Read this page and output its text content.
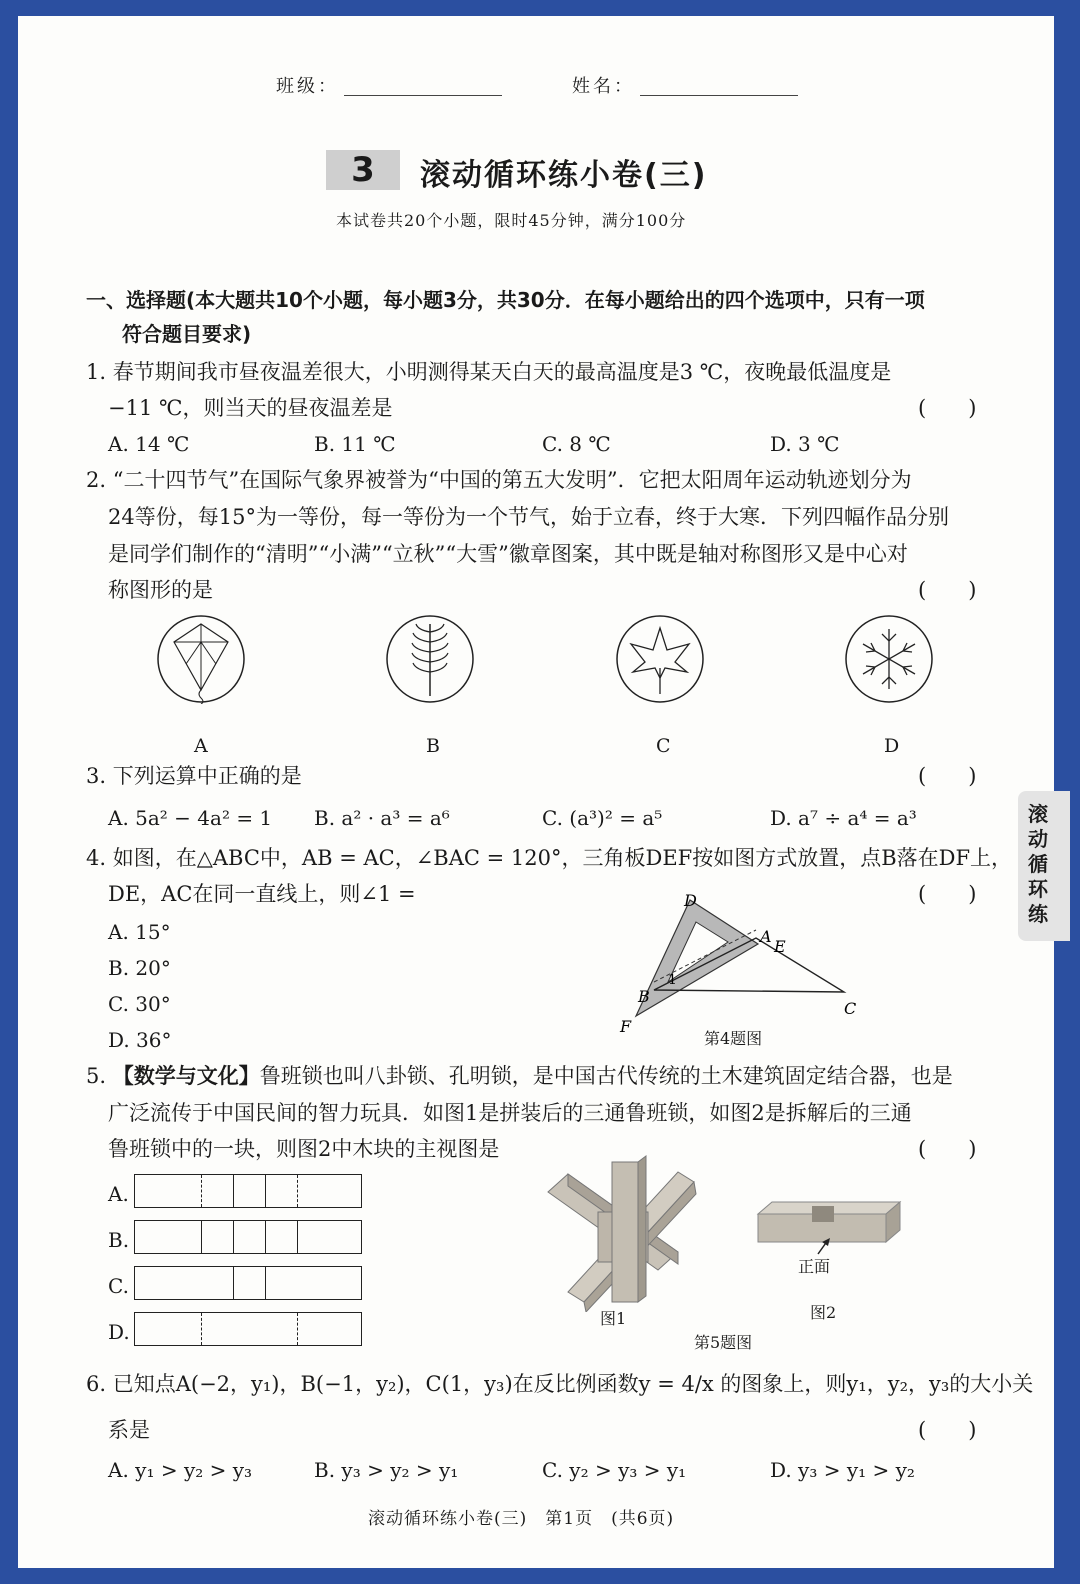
班级：	姓名：
3	滚动循环练小卷(三)
本试卷共20个小题，限时45分钟，满分100分
滚动循环练
一、选择题(本大题共10个小题，每小题3分，共30分．在每小题给出的四个选项中，只有一项
符合题目要求)
1. 春节期间我市昼夜温差很大，小明测得某天白天的最高温度是3 ℃，夜晚最低温度是
−11 ℃，则当天的昼夜温差是	(　　)
A. 14 ℃	B. 11 ℃	C. 8 ℃	D. 3 ℃
2. “二十四节气”在国际气象界被誉为“中国的第五大发明”．它把太阳周年运动轨迹划分为
24等份，每15°为一等份，每一等份为一个节气，始于立春，终于大寒．下列四幅作品分别
是同学们制作的“清明”“小满”“立秋”“大雪”徽章图案，其中既是轴对称图形又是中心对
称图形的是	(　　)
A	B	C	D
3. 下列运算中正确的是	(　　)
A. 5a² − 4a² = 1 B. a² · a³ = a⁶	C. (a³)² = a⁵	D. a⁷ ÷ a⁴ = a³
4. 如图，在△ABC中，AB = AC，∠BAC = 120°，三角板DEF按如图方式放置，点B落在DF上，
DE，AC在同一直线上，则∠1 =	(　　)
A. 15°
B. 20°
C. 30°
D. 36°
D
A
E
B
1
C
F
第4题图
5. 【数学与文化】鲁班锁也叫八卦锁、孔明锁，是中国古代传统的土木建筑固定结合器，也是
广泛流传于中国民间的智力玩具．如图1是拼装后的三通鲁班锁，如图2是拆解后的三通
鲁班锁中的一块，则图2中木块的主视图是	(　　)
A.
B.
C.
D.
图1
正面
图2
第5题图
6. 已知点A(−2，y₁)，B(−1，y₂)，C(1，y₃)在反比例函数y = 4/x 的图象上，则y₁，y₂，y₃的大小关
系是	(　　)
A. y₁ > y₂ > y₃	B. y₃ > y₂ > y₁	C. y₂ > y₃ > y₁	D. y₃ > y₁ > y₂
滚动循环练小卷(三)　第1页　(共6页)
